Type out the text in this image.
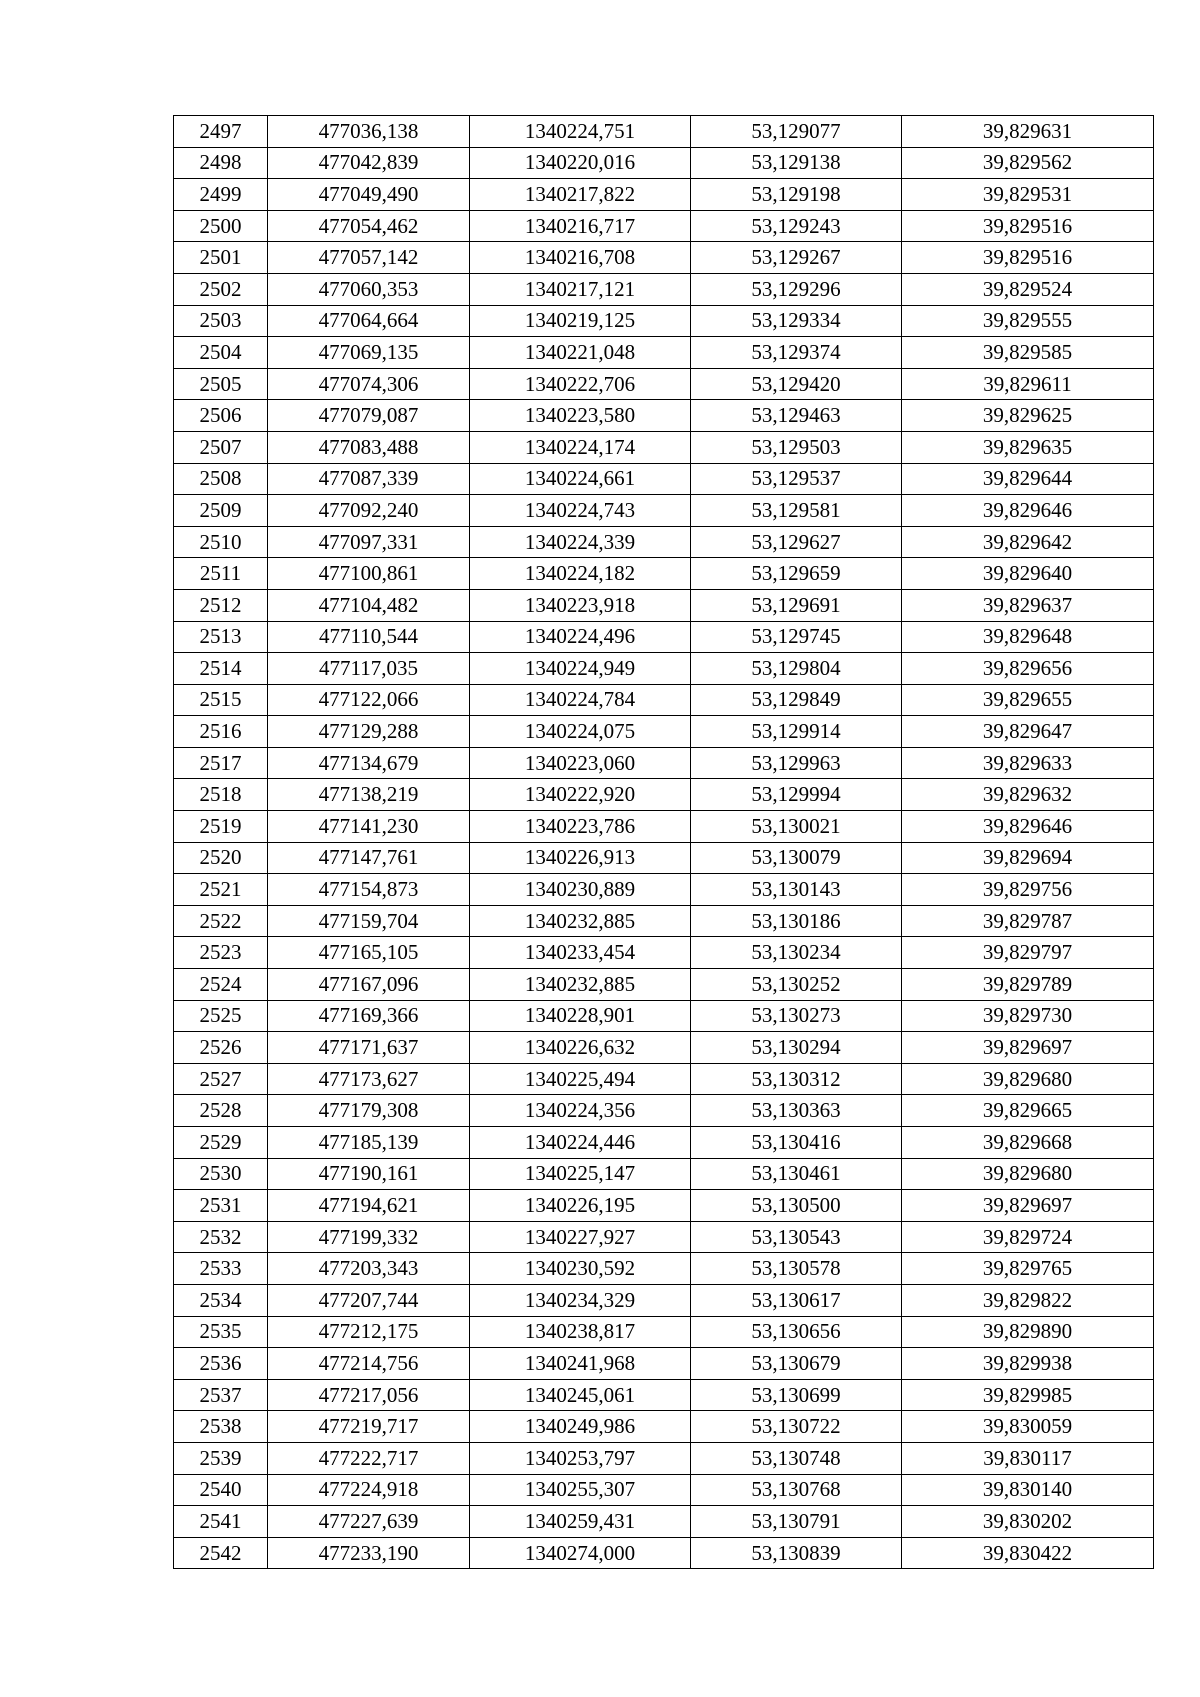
2497	477036,138	1340224,751	53,129077	39,829631
2498	477042,839	1340220,016	53,129138	39,829562
2499	477049,490	1340217,822	53,129198	39,829531
2500	477054,462	1340216,717	53,129243	39,829516
2501	477057,142	1340216,708	53,129267	39,829516
2502	477060,353	1340217,121	53,129296	39,829524
2503	477064,664	1340219,125	53,129334	39,829555
2504	477069,135	1340221,048	53,129374	39,829585
2505	477074,306	1340222,706	53,129420	39,829611
2506	477079,087	1340223,580	53,129463	39,829625
2507	477083,488	1340224,174	53,129503	39,829635
2508	477087,339	1340224,661	53,129537	39,829644
2509	477092,240	1340224,743	53,129581	39,829646
2510	477097,331	1340224,339	53,129627	39,829642
2511	477100,861	1340224,182	53,129659	39,829640
2512	477104,482	1340223,918	53,129691	39,829637
2513	477110,544	1340224,496	53,129745	39,829648
2514	477117,035	1340224,949	53,129804	39,829656
2515	477122,066	1340224,784	53,129849	39,829655
2516	477129,288	1340224,075	53,129914	39,829647
2517	477134,679	1340223,060	53,129963	39,829633
2518	477138,219	1340222,920	53,129994	39,829632
2519	477141,230	1340223,786	53,130021	39,829646
2520	477147,761	1340226,913	53,130079	39,829694
2521	477154,873	1340230,889	53,130143	39,829756
2522	477159,704	1340232,885	53,130186	39,829787
2523	477165,105	1340233,454	53,130234	39,829797
2524	477167,096	1340232,885	53,130252	39,829789
2525	477169,366	1340228,901	53,130273	39,829730
2526	477171,637	1340226,632	53,130294	39,829697
2527	477173,627	1340225,494	53,130312	39,829680
2528	477179,308	1340224,356	53,130363	39,829665
2529	477185,139	1340224,446	53,130416	39,829668
2530	477190,161	1340225,147	53,130461	39,829680
2531	477194,621	1340226,195	53,130500	39,829697
2532	477199,332	1340227,927	53,130543	39,829724
2533	477203,343	1340230,592	53,130578	39,829765
2534	477207,744	1340234,329	53,130617	39,829822
2535	477212,175	1340238,817	53,130656	39,829890
2536	477214,756	1340241,968	53,130679	39,829938
2537	477217,056	1340245,061	53,130699	39,829985
2538	477219,717	1340249,986	53,130722	39,830059
2539	477222,717	1340253,797	53,130748	39,830117
2540	477224,918	1340255,307	53,130768	39,830140
2541	477227,639	1340259,431	53,130791	39,830202
2542	477233,190	1340274,000	53,130839	39,830422
